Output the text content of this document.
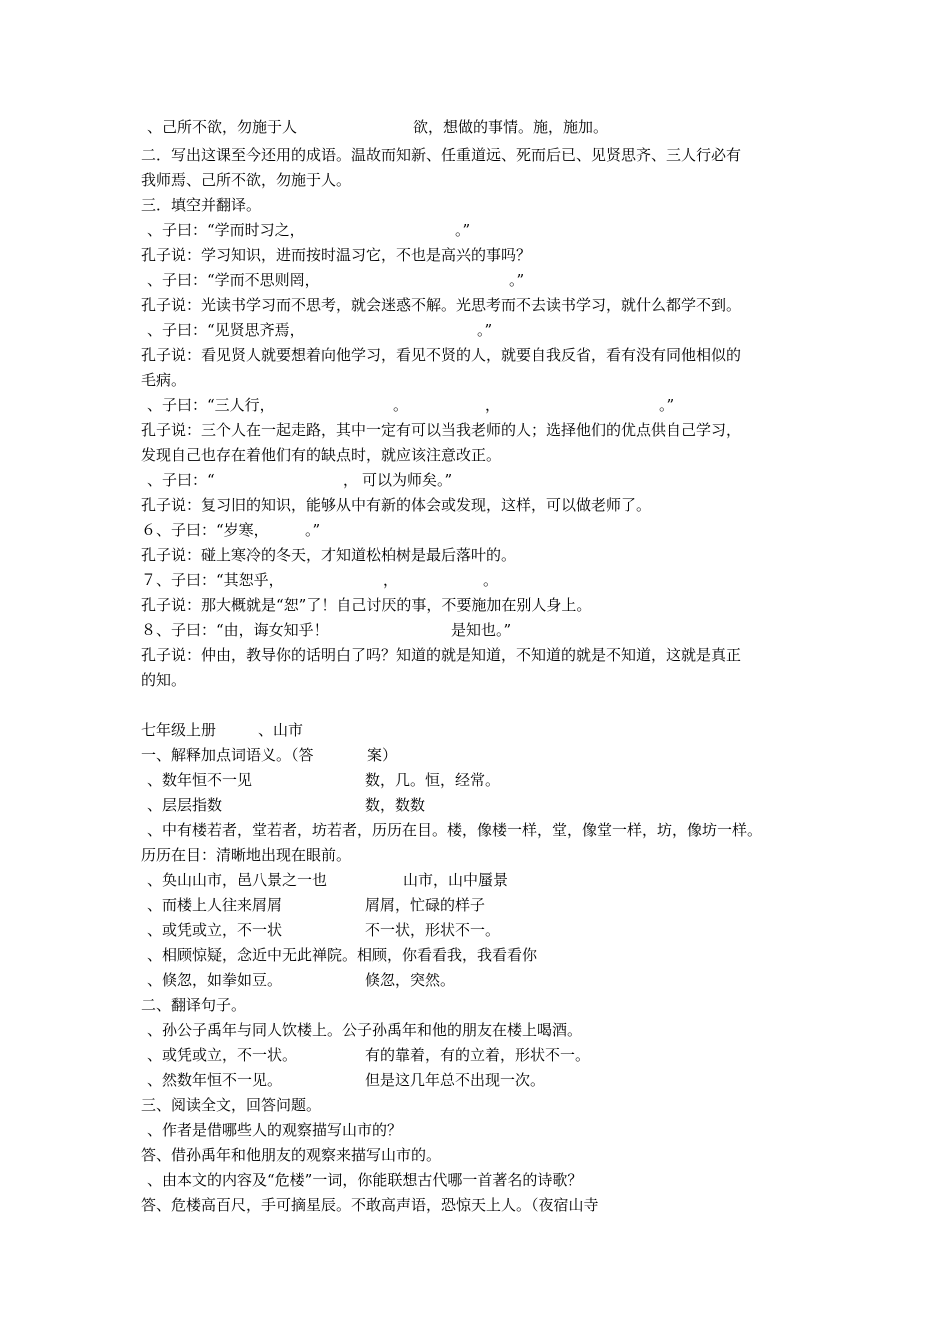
、己所不欲，勿施于人	欲，想做的事情。施，施加。
二．写出这课至今还用的成语。温故而知新、任重道远、死而后已、见贤思齐、三人行必有
我师焉、己所不欲，勿施于人。
三．填空并翻译。
、子曰：“学而时习之，	。”
孔子说：学习知识，进而按时温习它，不也是高兴的事吗？
、子曰：“学而不思则罔，	。”
孔子说：光读书学习而不思考，就会迷惑不解。光思考而不去读书学习，就什么都学不到。
、子曰：“见贤思齐焉，	。”
孔子说：看见贤人就要想着向他学习，看见不贤的人，就要自我反省，看有没有同他相似的
毛病。
、子曰：“三人行，	。	，	。”
孔子说：三个人在一起走路，其中一定有可以当我老师的人；选择他们的优点供自己学习，
发现自己也存在着他们有的缺点时，就应该注意改正。
、子曰：“	， 可以为师矣。”
孔子说：复习旧的知识，能够从中有新的体会或发现，这样，可以做老师了。
６、子曰：“岁寒， 。”
孔子说：碰上寒冷的冬天，才知道松柏树是最后落叶的。
７、子曰：“其恕乎，	，	。
孔子说：那大概就是“恕”了！自己讨厌的事，不要施加在别人身上。
８、子曰：“由，诲女知乎！	是知也。”
孔子说：仲由，教导你的话明白了吗？知道的就是知道，不知道的就是不知道，这就是真正
的知。
七年级上册	、山市
一、解释加点词语义。（答	案）
、数年恒不一见	数，几。恒，经常。
、层层指数	数，数数
、中有楼若者，堂若者，坊若者，历历在目。楼，像楼一样，堂，像堂一样，坊，像坊一样。
历历在目：清晰地出现在眼前。
、奂山山市，邑八景之一也	山市，山中蜃景
、而楼上人往来屑屑	屑屑，忙碌的样子
、或凭或立，不一状	不一状，形状不一。
、相顾惊疑，念近中无此禅院。相顾，你看看我，我看看你
、倏忽，如拳如豆。	倏忽，突然。
二、翻译句子。
、孙公子禹年与同人饮楼上。公子孙禹年和他的朋友在楼上喝酒。
、或凭或立，不一状。	有的靠着，有的立着，形状不一。
、然数年恒不一见。	但是这几年总不出现一次。
三、阅读全文，回答问题。
、作者是借哪些人的观察描写山市的？
答、借孙禹年和他朋友的观察来描写山市的。
、由本文的内容及“危楼”一词，你能联想古代哪一首著名的诗歌？
答、危楼高百尺，手可摘星辰。不敢高声语，恐惊天上人。（夜宿山寺
